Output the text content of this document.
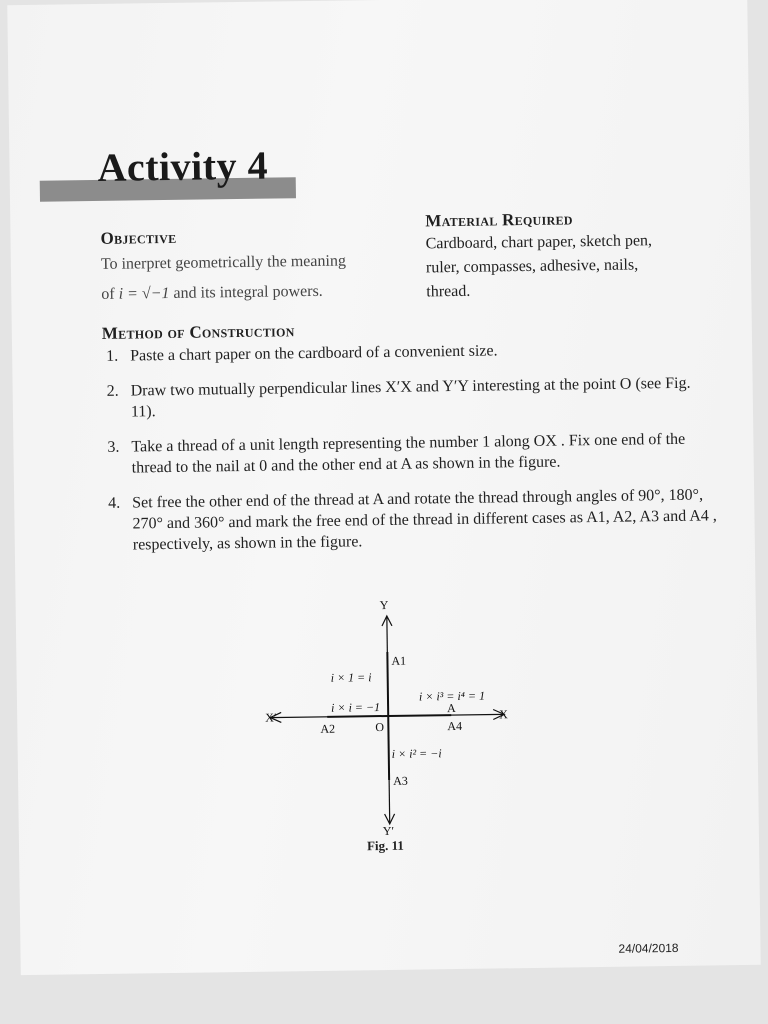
Activity 4
Objective
To inerpret geometrically the meaning
of i = √−1 and its integral powers.
Material Required
Cardboard, chart paper, sketch pen,
ruler, compasses, adhesive, nails,
thread.
Method of Construction
1. Paste a chart paper on the cardboard of a convenient size.
2. Draw two mutually perpendicular lines X′X and Y′Y interesting at the point O (see Fig. 11).
3. Take a thread of a unit length representing the number 1 along OX . Fix one end of the thread to the nail at 0 and the other end at A as shown in the figure.
4. Set free the other end of the thread at A and rotate the thread through angles of 90°, 180°, 270° and 360° and mark the free end of the thread in different cases as A1, A2, A3 and A4 , respectively, as shown in the figure.
Y
Y′
X′	X
O
A1
A2
A3
A4
A
i × 1 = i
i × i = −1
i × i³ = i⁴ = 1
i × i² = −i
Fig. 11
24/04/2018
